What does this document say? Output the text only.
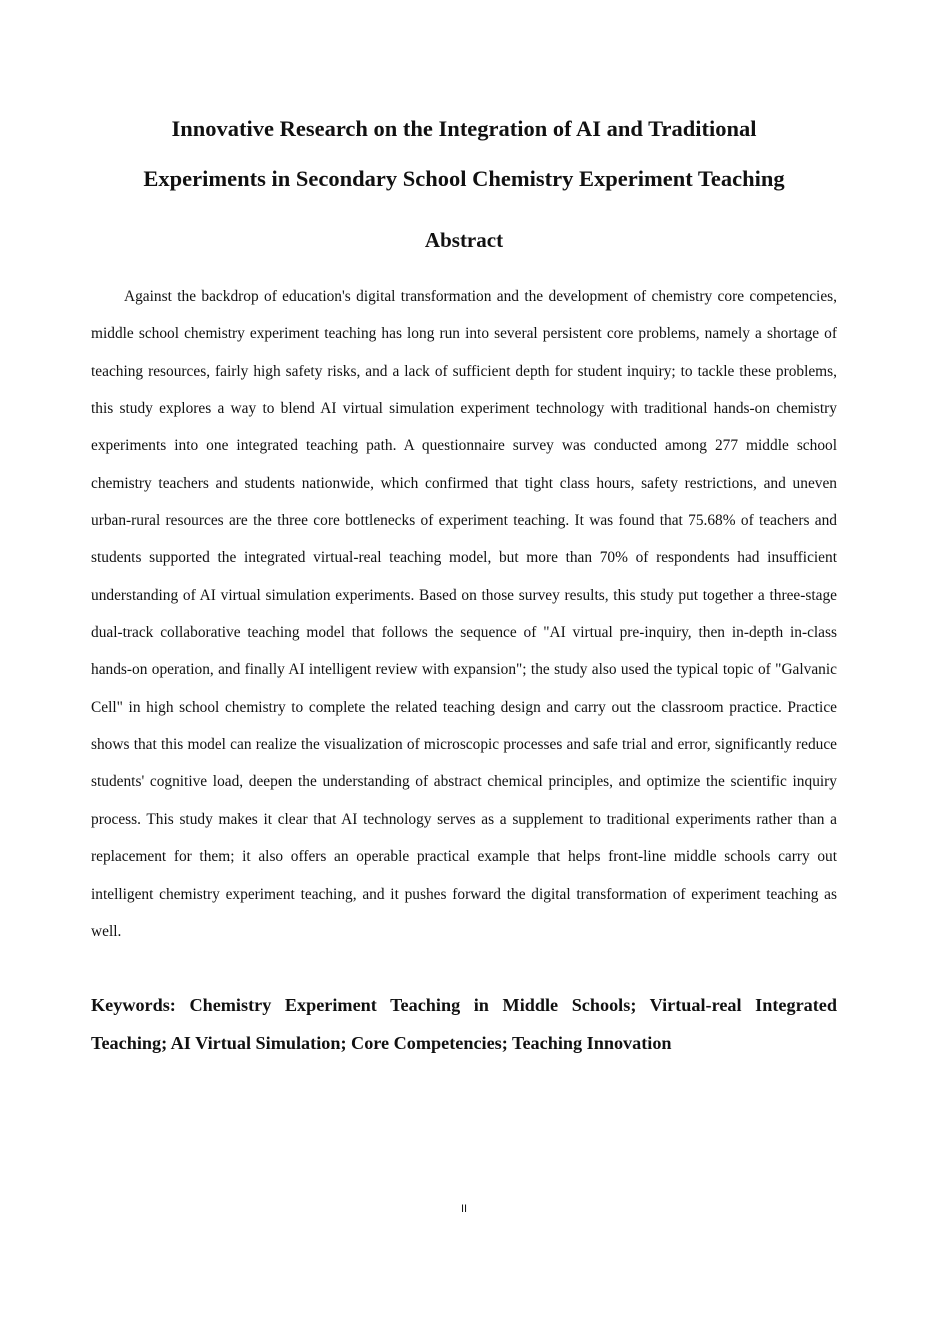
Innovative Research on the Integration of AI and Traditional
Experiments in Secondary School Chemistry Experiment Teaching
Abstract

Against the backdrop of education's digital transformation and the development of chemistry core competencies, middle school chemistry experiment teaching has long run into several persistent core problems, namely a shortage of teaching resources, fairly high safety risks, and a lack of sufficient depth for student inquiry; to tackle these problems, this study explores a way to blend AI virtual simulation experiment technology with traditional hands-on chemistry experiments into one integrated teaching path. A questionnaire survey was conducted among 277 middle school chemistry teachers and students nationwide, which confirmed that tight class hours, safety restrictions, and uneven urban-rural resources are the three core bottlenecks of experiment teaching. It was found that 75.68% of teachers and students supported the integrated virtual-real teaching model, but more than 70% of respondents had insufficient understanding of AI virtual simulation experiments. Based on those survey results, this study put together a three-stage dual-track collaborative teaching model that follows the sequence of "AI virtual pre-inquiry, then in-depth in-class hands-on operation, and finally AI intelligent review with expansion"; the study also used the typical topic of "Galvanic Cell" in high school chemistry to complete the related teaching design and carry out the classroom practice. Practice shows that this model can realize the visualization of microscopic processes and safe trial and error, significantly reduce students' cognitive load, deepen the understanding of abstract chemical principles, and optimize the scientific inquiry process. This study makes it clear that AI technology serves as a supplement to traditional experiments rather than a replacement for them; it also offers an operable practical example that helps front-line middle schools carry out intelligent chemistry experiment teaching, and it pushes forward the digital transformation of experiment teaching as well.

Keywords: Chemistry Experiment Teaching in Middle Schools; Virtual-real Integrated Teaching; AI Virtual Simulation; Core Competencies; Teaching Innovation

II
